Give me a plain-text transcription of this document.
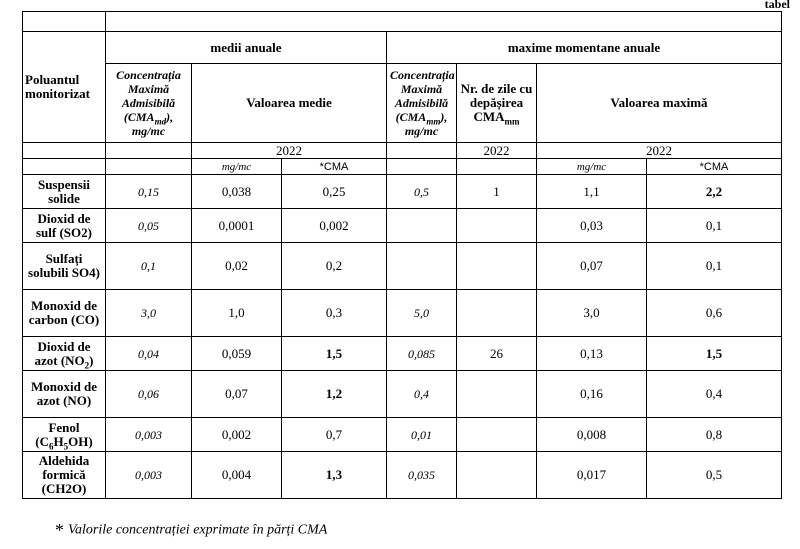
tabel

Poluantul monitorizat	medii anuale			maxime momentane anuale			
	Concentrația Maximă Admisibilă $(CMA_{md})$, mg/mc	Valoarea medie		Concentrația Maximă Admisibilă $(CMA_{mm})$, mg/mc	Nr. de zile cu depășirea $CMA_{mm}$	Valoarea maximă	
		2022			2022	2022	
		mg/mc	*CMA			mg/mc	*CMA
Suspensii solide	0,15	0,038	0,25	0,5	1	1,1	2,2
Dioxid de sulf (SO2)	0,05	0,0001	0,002			0,03	0,1
Sulfați solubili SO4)	0,1	0,02	0,2			0,07	0,1
Monoxid de carbon (CO)	3,0	1,0	0,3	5,0		3,0	0,6
Dioxid de azot $(NO_2)$	0,04	0,059	1,5	0,085	26	0,13	1,5
Monoxid de azot (NO)	0,06	0,07	1,2	0,4		0,16	0,4
Fenol $(C_6H_5OH)$	0,003	0,002	0,7	0,01		0,008	0,8
Aldehida formică (CH2O)	0,003	0,004	1,3	0,035		0,017	0,5
* Valorile concentrației exprimate în părți CMA
